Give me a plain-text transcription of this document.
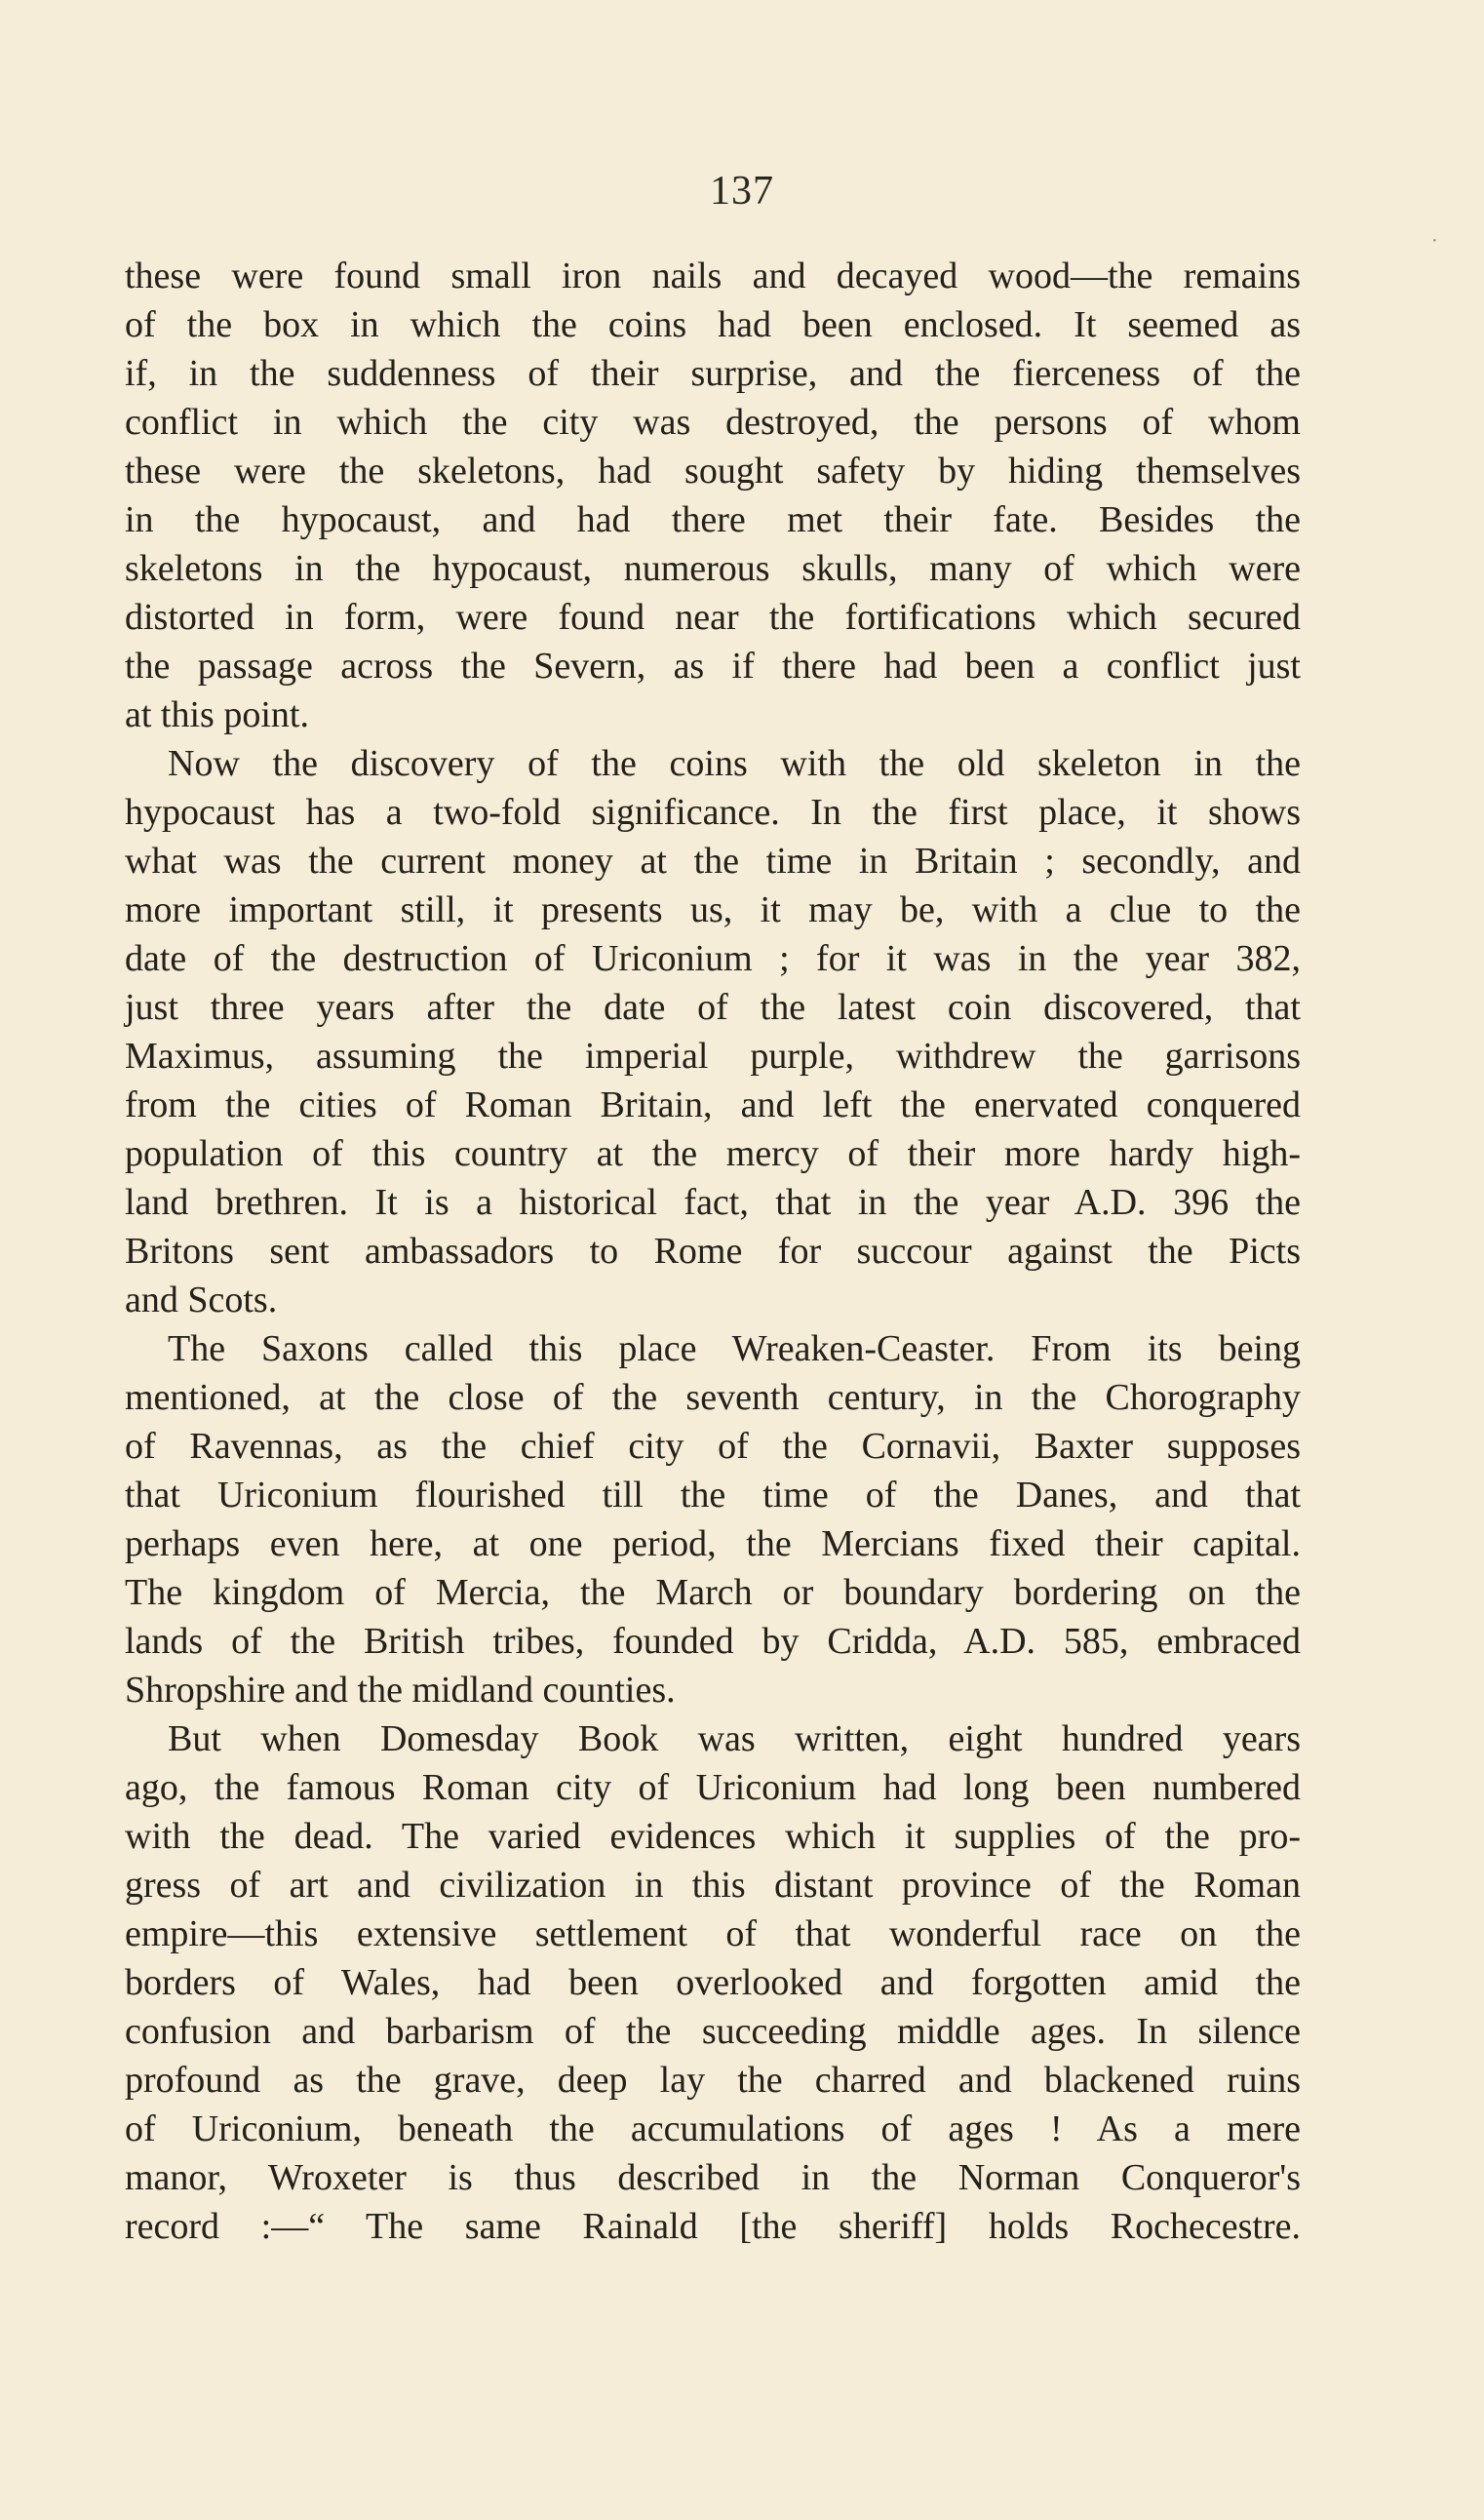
137
these were found small iron nails and decayed wood—the remains
of the box in which the coins had been enclosed. It seemed as
if, in the suddenness of their surprise, and the fierceness of the
conflict in which the city was destroyed, the persons of whom
these were the skeletons, had sought safety by hiding themselves
in the hypocaust, and had there met their fate. Besides the
skeletons in the hypocaust, numerous skulls, many of which were
distorted in form, were found near the fortifications which secured
the passage across the Severn, as if there had been a conflict just
at this point.
Now the discovery of the coins with the old skeleton in the
hypocaust has a two-fold significance. In the first place, it shows
what was the current money at the time in Britain ; secondly, and
more important still, it presents us, it may be, with a clue to the
date of the destruction of Uriconium ; for it was in the year 382,
just three years after the date of the latest coin discovered, that
Maximus, assuming the imperial purple, withdrew the garrisons
from the cities of Roman Britain, and left the enervated conquered
population of this country at the mercy of their more hardy high-
land brethren. It is a historical fact, that in the year A.D. 396 the
Britons sent ambassadors to Rome for succour against the Picts
and Scots.
The Saxons called this place Wreaken-Ceaster. From its being
mentioned, at the close of the seventh century, in the Chorography
of Ravennas, as the chief city of the Cornavii, Baxter supposes
that Uriconium flourished till the time of the Danes, and that
perhaps even here, at one period, the Mercians fixed their capital.
The kingdom of Mercia, the March or boundary bordering on the
lands of the British tribes, founded by Cridda, A.D. 585, embraced
Shropshire and the midland counties.
But when Domesday Book was written, eight hundred years
ago, the famous Roman city of Uriconium had long been numbered
with the dead. The varied evidences which it supplies of the pro-
gress of art and civilization in this distant province of the Roman
empire—this extensive settlement of that wonderful race on the
borders of Wales, had been overlooked and forgotten amid the
confusion and barbarism of the succeeding middle ages. In silence
profound as the grave, deep lay the charred and blackened ruins
of Uriconium, beneath the accumulations of ages ! As a mere
manor, Wroxeter is thus described in the Norman Conqueror's
record :—“ The same Rainald [the sheriff] holds Rochecestre.
·
